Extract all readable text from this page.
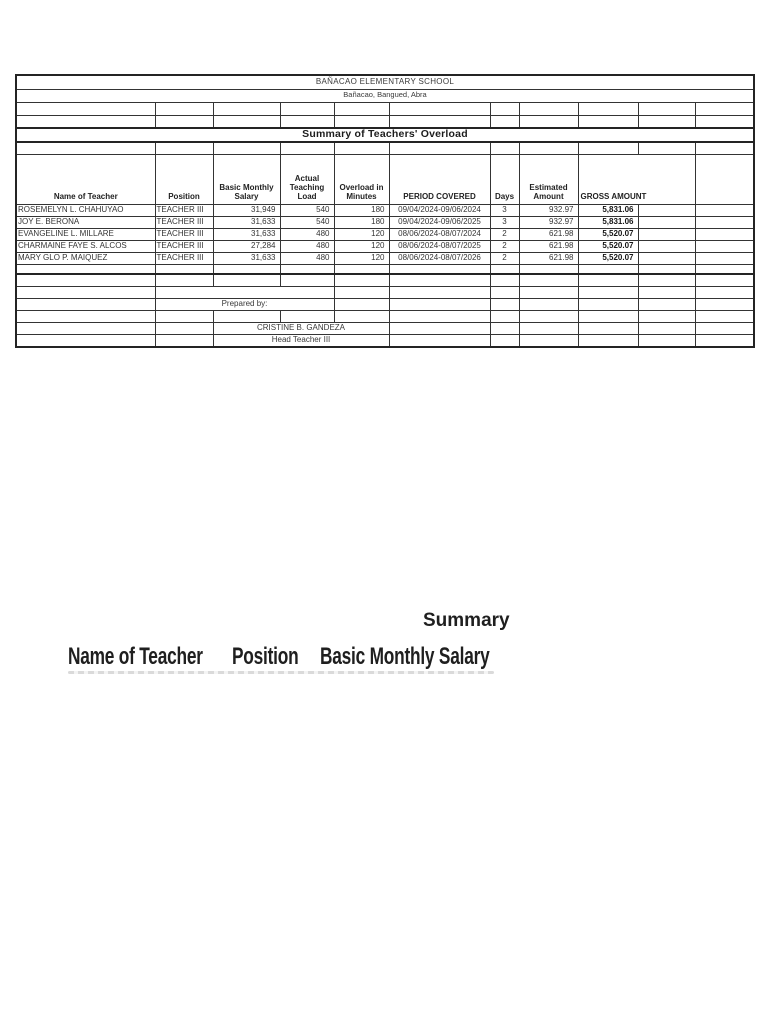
BAÑACAO ELEMENTARY SCHOOL										
Bañacao, Bangued, Abra										

Summary of Teachers' Overload										

Name of Teacher	Position	Basic Monthly Salary	Actual Teaching Load	Overload in Minutes	PERIOD COVERED	Days	Estimated Amount	GROSS AMOUNT		
ROSEMELYN L. CHAHUYAO	TEACHER III	31,949	540	180	09/04/2024-09/06/2024	3	932.97	5,831.06		
JOY E. BERONA	TEACHER III	31,633	540	180	09/04/2024-09/06/2025	3	932.97	5,831.06		
EVANGELINE L. MILLARE	TEACHER III	31,633	480	120	08/06/2024-08/07/2024	2	621.98	5,520.07		
CHARMAINE FAYE S. ALCOS	TEACHER III	27,284	480	120	08/06/2024-08/07/2025	2	621.98	5,520.07		
MARY GLO P. MAIQUEZ	TEACHER III	31,633	480	120	08/06/2024-08/07/2026	2	621.98	5,520.07		

	Prepared by:									

		CRISTINE B. GANDEZA								
		Head Teacher III								
Summary
Name of Teacher Position Basic Monthly Salary
